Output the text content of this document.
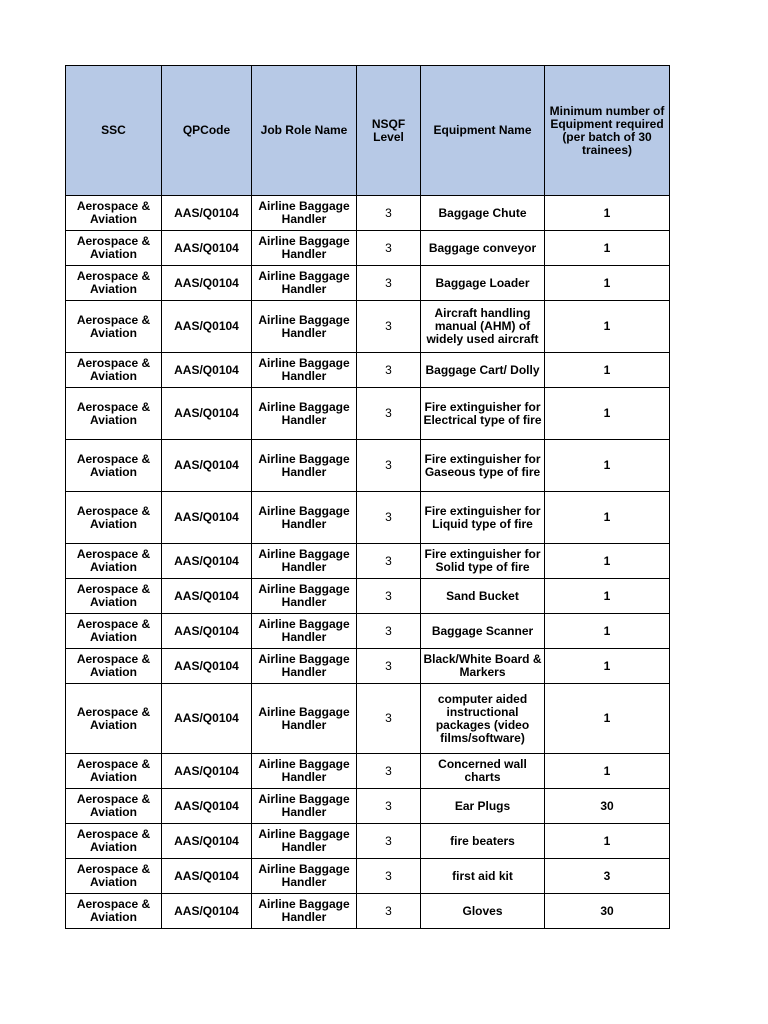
SSC	QPCode	Job Role Name	NSQF Level	Equipment Name	Minimum number of Equipment required (per batch of 30 trainees)
Aerospace & Aviation	AAS/Q0104	Airline Baggage Handler	3	Baggage Chute	1
Aerospace & Aviation	AAS/Q0104	Airline Baggage Handler	3	Baggage conveyor	1
Aerospace & Aviation	AAS/Q0104	Airline Baggage Handler	3	Baggage Loader	1
Aerospace & Aviation	AAS/Q0104	Airline Baggage Handler	3	Aircraft handling manual (AHM) of widely used aircraft	1
Aerospace & Aviation	AAS/Q0104	Airline Baggage Handler	3	Baggage Cart/ Dolly	1
Aerospace & Aviation	AAS/Q0104	Airline Baggage Handler	3	Fire extinguisher for Electrical type of fire	1
Aerospace & Aviation	AAS/Q0104	Airline Baggage Handler	3	Fire extinguisher for Gaseous type of fire	1
Aerospace & Aviation	AAS/Q0104	Airline Baggage Handler	3	Fire extinguisher for Liquid type of fire	1
Aerospace & Aviation	AAS/Q0104	Airline Baggage Handler	3	Fire extinguisher for Solid type of fire	1
Aerospace & Aviation	AAS/Q0104	Airline Baggage Handler	3	Sand Bucket	1
Aerospace & Aviation	AAS/Q0104	Airline Baggage Handler	3	Baggage Scanner	1
Aerospace & Aviation	AAS/Q0104	Airline Baggage Handler	3	Black/White Board & Markers	1
Aerospace & Aviation	AAS/Q0104	Airline Baggage Handler	3	computer aided instructional packages (video films/software)	1
Aerospace & Aviation	AAS/Q0104	Airline Baggage Handler	3	Concerned wall charts	1
Aerospace & Aviation	AAS/Q0104	Airline Baggage Handler	3	Ear Plugs	30
Aerospace & Aviation	AAS/Q0104	Airline Baggage Handler	3	fire beaters	1
Aerospace & Aviation	AAS/Q0104	Airline Baggage Handler	3	first aid kit	3
Aerospace & Aviation	AAS/Q0104	Airline Baggage Handler	3	Gloves	30
